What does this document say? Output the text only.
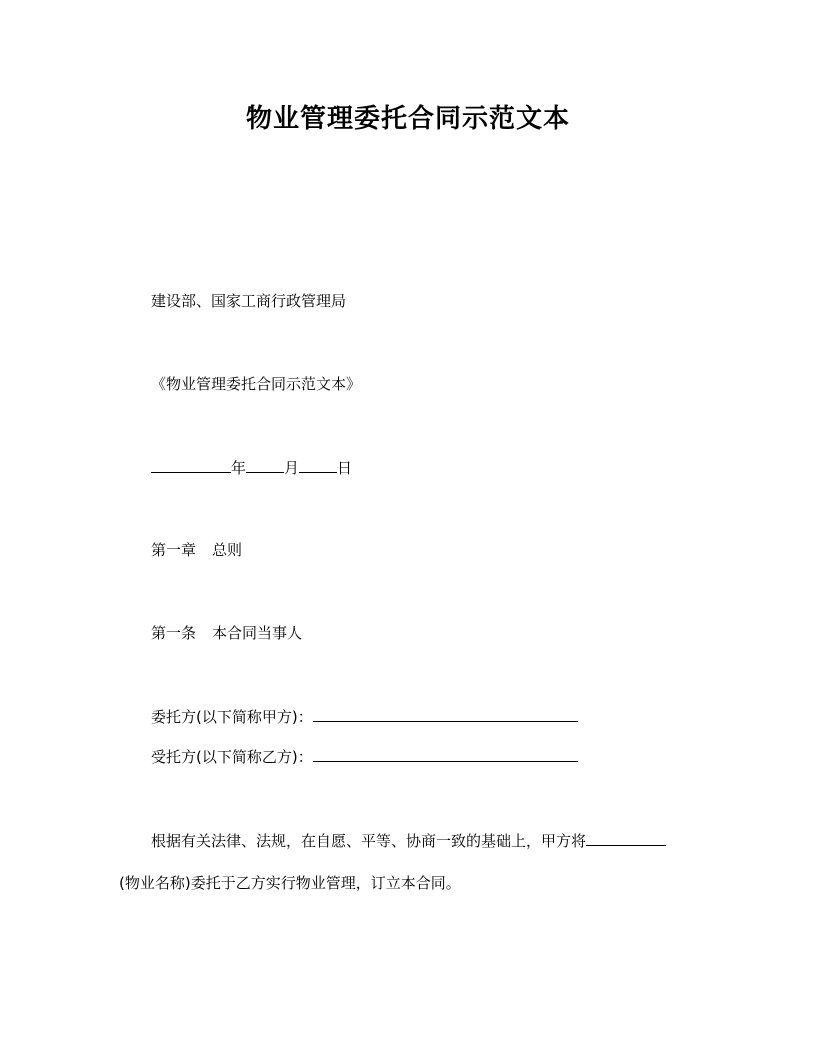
物业管理委托合同示范文本
建设部、国家工商行政管理局
《物业管理委托合同示范文本》
年	月	日
第一章 总则
第一条 本合同当事人
委托方(以下简称甲方)：
受托方(以下简称乙方)：
根据有关法律、法规，在自愿、平等、协商一致的基础上，甲方将
(物业名称)委托于乙方实行物业管理，订立本合同。
